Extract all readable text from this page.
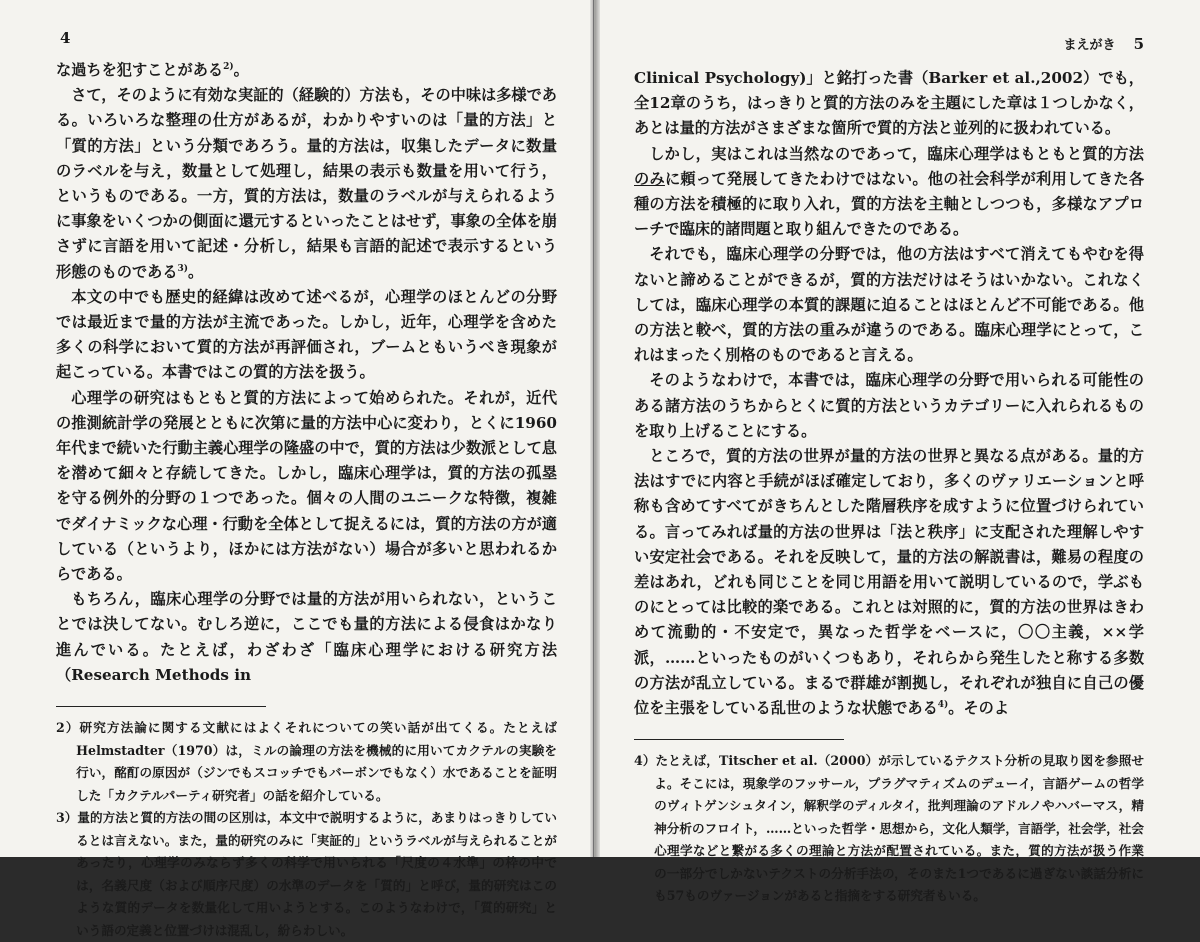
4

な過ちを犯すことがある$^{2)}$。

さて，そのように有効な実証的（経験的）方法も，その中味は多様である。いろいろな整理の仕方があるが，わかりやすいのは「量的方法」と「質的方法」という分類であろう。量的方法は，収集したデータに数量のラベルを与え，数量として処理し，結果の表示も数量を用いて行う，というものである。一方，質的方法は，数量のラベルが与えられるように事象をいくつかの側面に還元するといったことはせず，事象の全体を崩さずに言語を用いて記述・分析し，結果も言語的記述で表示するという形態のものである$^{3)}$。

本文の中でも歴史的経緯は改めて述べるが，心理学のほとんどの分野では最近まで量的方法が主流であった。しかし，近年，心理学を含めた多くの科学において質的方法が再評価され，ブームともいうべき現象が起こっている。本書ではこの質的方法を扱う。

心理学の研究はもともと質的方法によって始められた。それが，近代の推測統計学の発展とともに次第に量的方法中心に変わり，とくに1960年代まで続いた行動主義心理学の隆盛の中で，質的方法は少数派として息を潜めて細々と存続してきた。しかし，臨床心理学は，質的方法の孤塁を守る例外的分野の１つであった。個々の人間のユニークな特徴，複雑でダイナミックな心理・行動を全体として捉えるには，質的方法の方が適している（というより，ほかには方法がない）場合が多いと思われるからである。

もちろん，臨床心理学の分野では量的方法が用いられない，ということでは決してない。むしろ逆に，ここでも量的方法による侵食はかなり進んでいる。たとえば，わざわざ「臨床心理学における研究方法（Research Methods in

2）研究方法論に関する文献にはよくそれについての笑い話が出てくる。たとえばHelmstadter（1970）は，ミルの論理の方法を機械的に用いてカクテルの実験を行い，酩酊の原因が（ジンでもスコッチでもバーボンでもなく）水であることを証明した「カクテルパーティ研究者」の話を紹介している。

3）量的方法と質的方法の間の区別は，本文中で説明するように，あまりはっきりしているとは言えない。また，量的研究のみに「実証的」というラベルが与えられることがあったり，心理学のみならず多くの科学で用いられる「尺度の４水準」の枠の中では，名義尺度（および順序尺度）の水準のデータを「質的」と呼び，量的研究はこのような質的データを数量化して用いようとする。このようなわけで，「質的研究」という語の定義と位置づけは混乱し，紛らわしい。

まえがき 5

Clinical Psychology)」と銘打った書（Barker et al.,2002）でも，全12章のうち，はっきりと質的方法のみを主題にした章は１つしかなく，あとは量的方法がさまざまな箇所で質的方法と並列的に扱われている。

しかし，実はこれは当然なのであって，臨床心理学はもともと質的方法のみに頼って発展してきたわけではない。他の社会科学が利用してきた各種の方法を積極的に取り入れ，質的方法を主軸としつつも，多様なアプローチで臨床的諸問題と取り組んできたのである。

それでも，臨床心理学の分野では，他の方法はすべて消えてもやむを得ないと諦めることができるが，質的方法だけはそうはいかない。これなくしては，臨床心理学の本質的課題に迫ることはほとんど不可能である。他の方法と較べ，質的方法の重みが違うのである。臨床心理学にとって，これはまったく別格のものであると言える。

そのようなわけで，本書では，臨床心理学の分野で用いられる可能性のある諸方法のうちからとくに質的方法というカテゴリーに入れられるものを取り上げることにする。

ところで，質的方法の世界が量的方法の世界と異なる点がある。量的方法はすでに内容と手続がほぼ確定しており，多くのヴァリエーションと呼称も含めてすべてがきちんとした階層秩序を成すように位置づけられている。言ってみれば量的方法の世界は「法と秩序」に支配された理解しやすい安定社会である。それを反映して，量的方法の解説書は，難易の程度の差はあれ，どれも同じことを同じ用語を用いて説明しているので，学ぶものにとっては比較的楽である。これとは対照的に，質的方法の世界はきわめて流動的・不安定で，異なった哲学をベースに，〇〇主義，××学派，……といったものがいくつもあり，それらから発生したと称する多数の方法が乱立している。まるで群雄が割拠し，それぞれが独自に自己の優位を主張をしている乱世のような状態である$^{4)}$。そのよ

4）たとえば，Titscher et al.（2000）が示しているテクスト分析の見取り図を参照せよ。そこには，現象学のフッサール，プラグマティズムのデューイ，言語ゲームの哲学のヴィトゲンシュタイン，解釈学のディルタイ，批判理論のアドルノやハバーマス，精神分析のフロイト，……といった哲学・思想から，文化人類学，言語学，社会学，社会心理学などと繋がる多くの理論と方法が配置されている。また，質的方法が扱う作業の一部分でしかないテクストの分析手法の，そのまた1つであるに過ぎない談話分析にも57ものヴァージョンがあると指摘をする研究者もいる。
